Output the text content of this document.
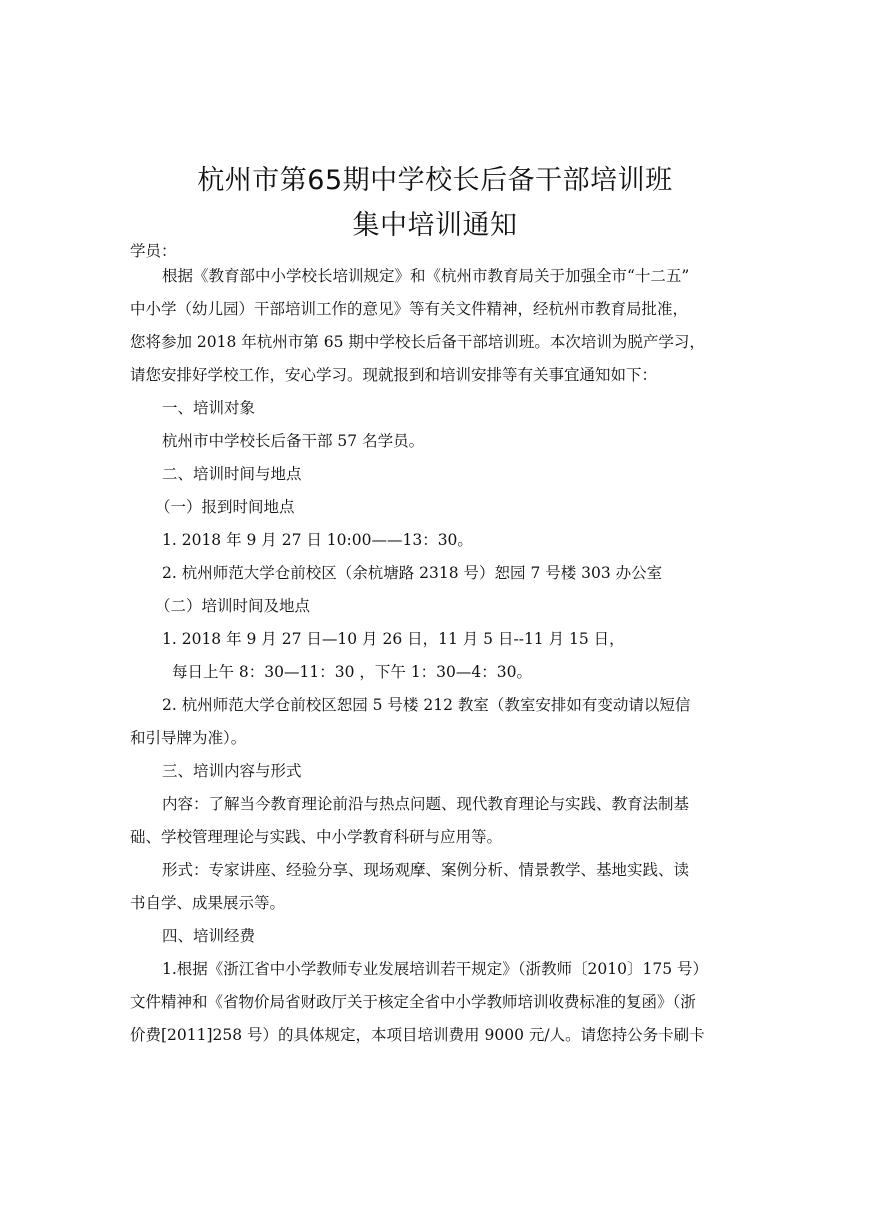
杭州市第65期中学校长后备干部培训班
集中培训通知
学员：
根据《教育部中小学校长培训规定》和《杭州市教育局关于加强全市“十二五”
中小学（幼儿园）干部培训工作的意见》等有关文件精神，经杭州市教育局批准，
您将参加 2018 年杭州市第 65 期中学校长后备干部培训班。本次培训为脱产学习，
请您安排好学校工作，安心学习。现就报到和培训安排等有关事宜通知如下：
一、培训对象
杭州市中学校长后备干部 57 名学员。
二、培训时间与地点
（一）报到时间地点
1. 2018 年 9 月 27 日 10:00——13：30。
2. 杭州师范大学仓前校区（余杭塘路 2318 号）恕园 7 号楼 303 办公室
（二）培训时间及地点
1. 2018 年 9 月 27 日—10 月 26 日，11 月 5 日--11 月 15 日，
每日上午 8：30—11：30 ，下午 1：30—4：30。
2. 杭州师范大学仓前校区恕园 5 号楼 212 教室（教室安排如有变动请以短信
和引导牌为准）。
三、培训内容与形式
内容：了解当今教育理论前沿与热点问题、现代教育理论与实践、教育法制基
础、学校管理理论与实践、中小学教育科研与应用等。
形式：专家讲座、经验分享、现场观摩、案例分析、情景教学、基地实践、读
书自学、成果展示等。
四、培训经费
1.根据《浙江省中小学教师专业发展培训若干规定》（浙教师〔2010〕175 号）
文件精神和《省物价局省财政厅关于核定全省中小学教师培训收费标准的复函》（浙
价费[2011]258 号）的具体规定，本项目培训费用 9000 元/人。请您持公务卡刷卡
